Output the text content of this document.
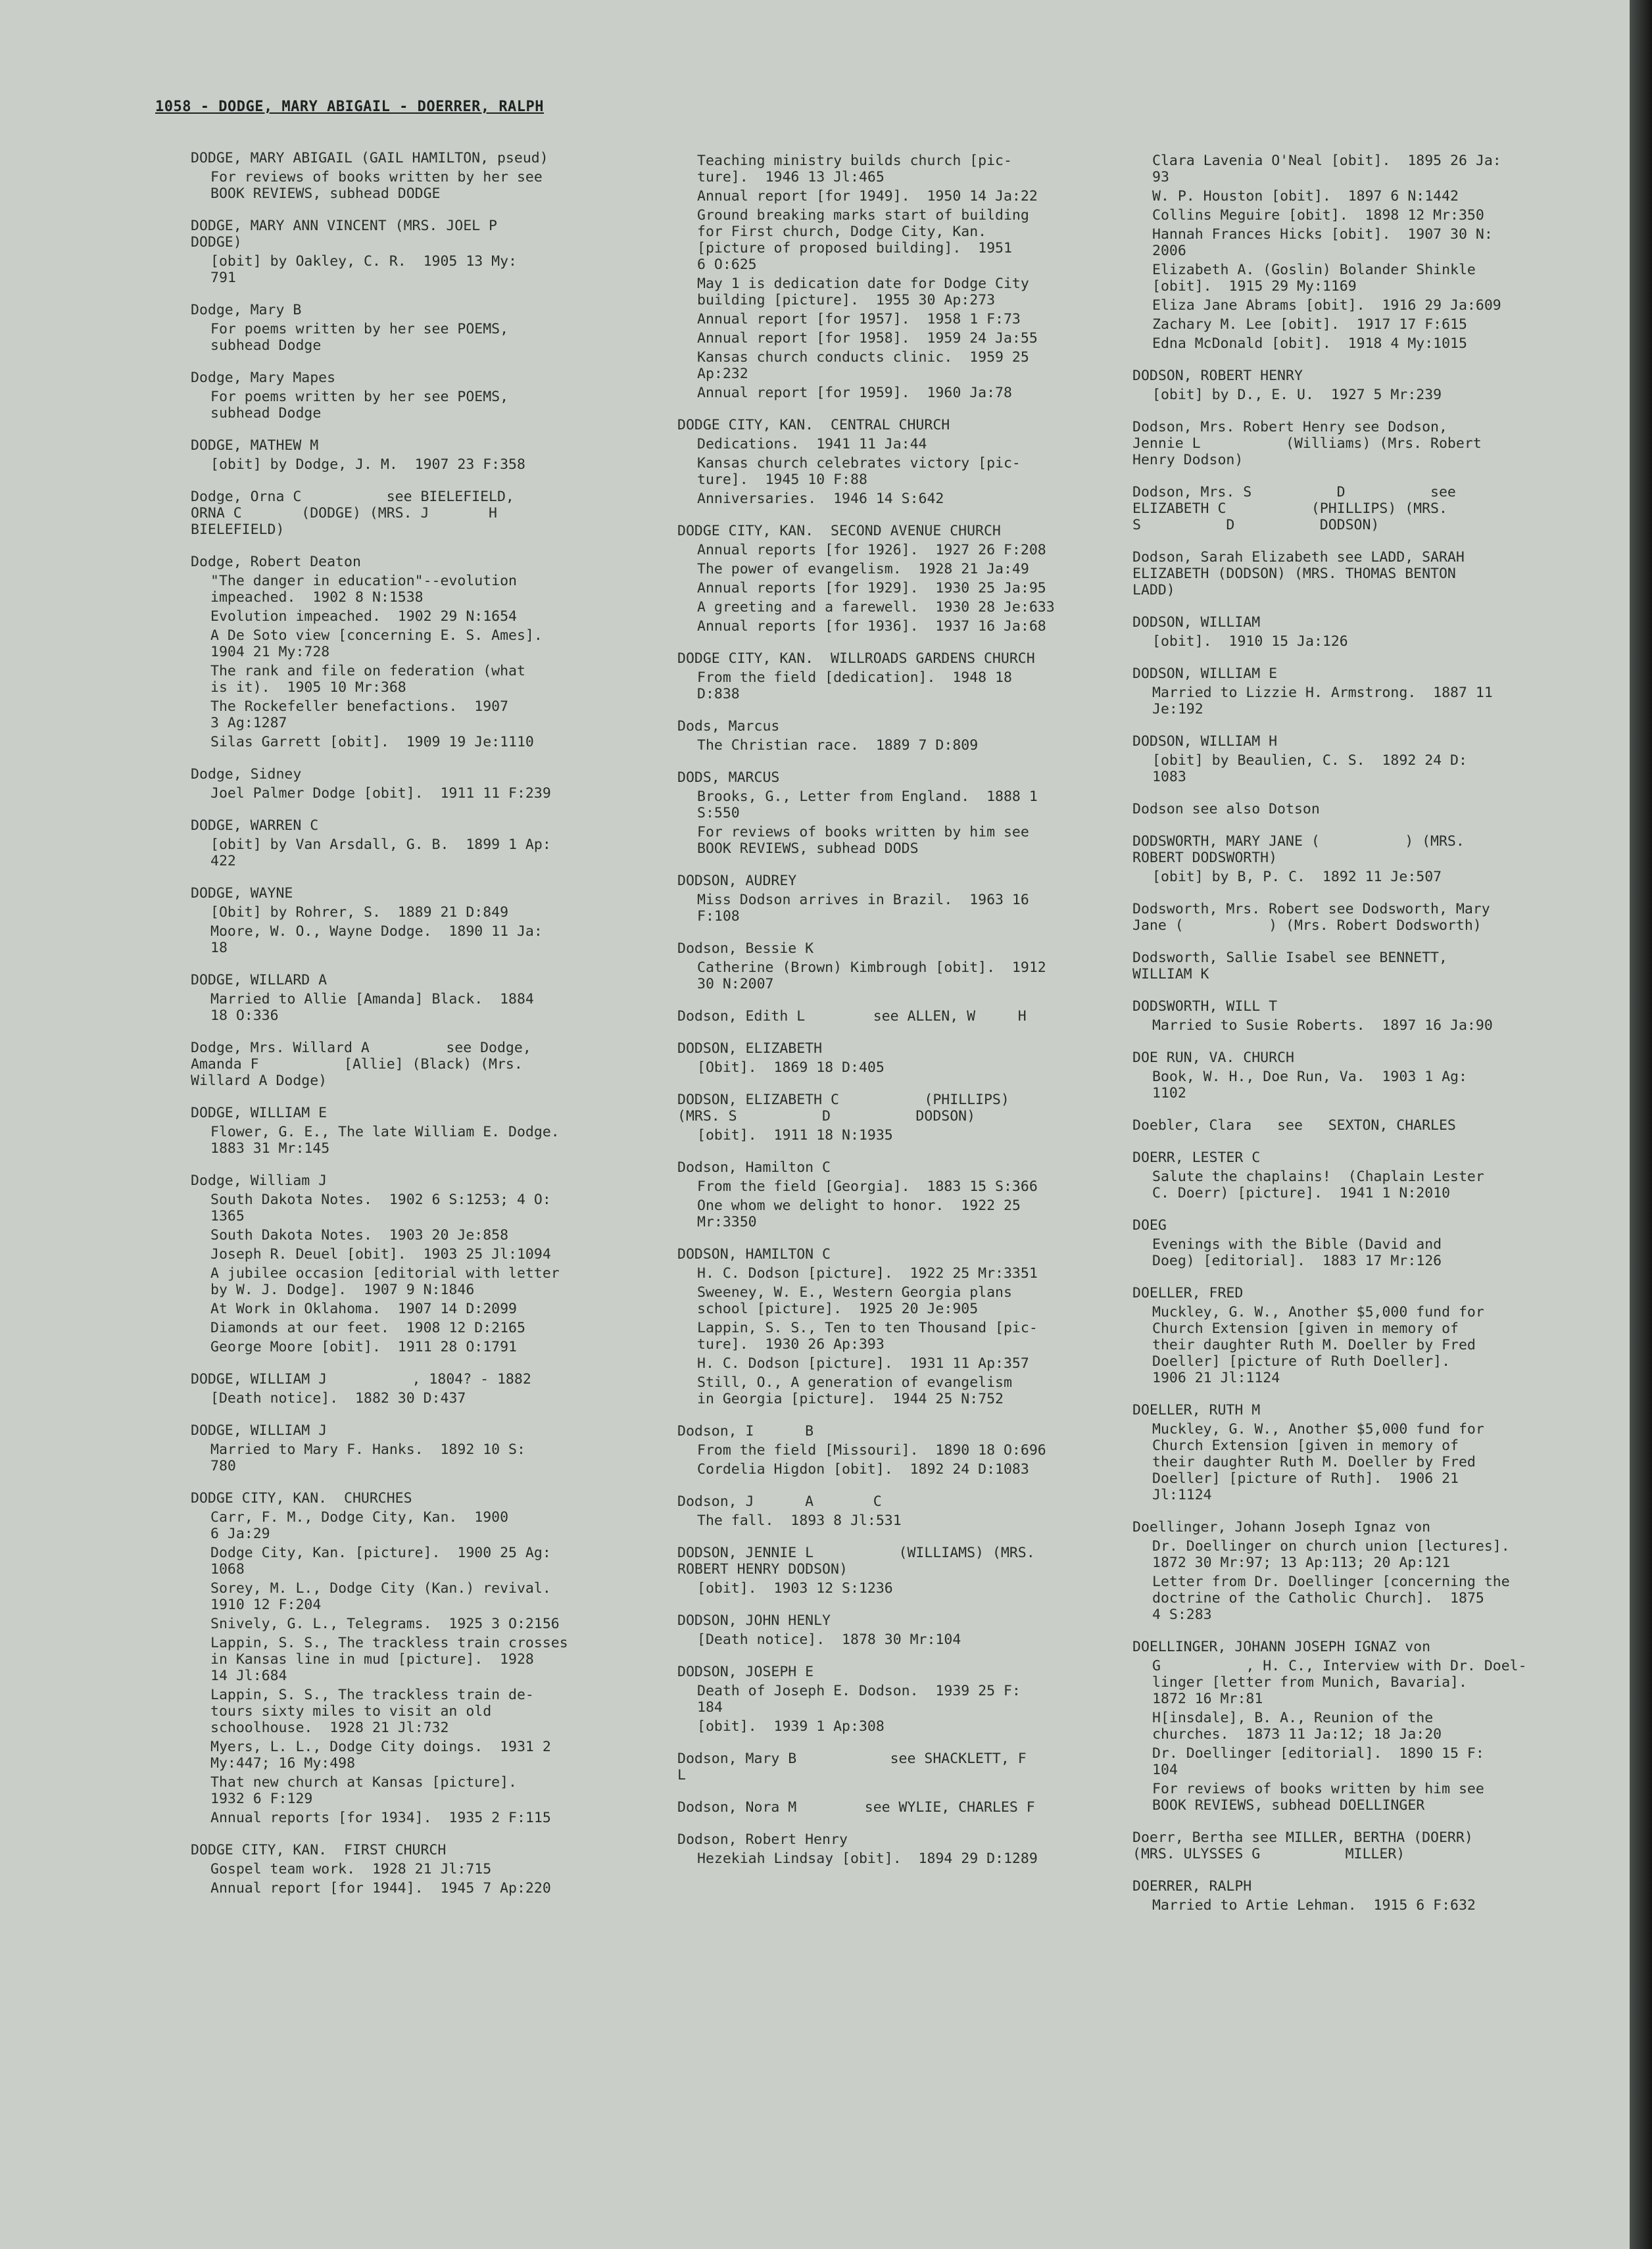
1058 - DODGE, MARY ABIGAIL - DOERRER, RALPH
DODGE, MARY ABIGAIL (GAIL HAMILTON, pseud)
For reviews of books written by her see
BOOK REVIEWS, subhead DODGE
DODGE, MARY ANN VINCENT (MRS. JOEL P
DODGE)
[obit] by Oakley, C. R.  1905 13 My:
791
Dodge, Mary B
For poems written by her see POEMS,
subhead Dodge
Dodge, Mary Mapes
For poems written by her see POEMS,
subhead Dodge
DODGE, MATHEW M
[obit] by Dodge, J. M.  1907 23 F:358
Dodge, Orna C          see BIELEFIELD,
ORNA C       (DODGE) (MRS. J       H
BIELEFIELD)
Dodge, Robert Deaton
"The danger in education"--evolution
impeached.  1902 8 N:1538
Evolution impeached.  1902 29 N:1654
A De Soto view [concerning E. S. Ames].
1904 21 My:728
The rank and file on federation (what
is it).  1905 10 Mr:368
The Rockefeller benefactions.  1907
3 Ag:1287
Silas Garrett [obit].  1909 19 Je:1110
Dodge, Sidney
Joel Palmer Dodge [obit].  1911 11 F:239
DODGE, WARREN C
[obit] by Van Arsdall, G. B.  1899 1 Ap:
422
DODGE, WAYNE
[Obit] by Rohrer, S.  1889 21 D:849
Moore, W. O., Wayne Dodge.  1890 11 Ja:
18
DODGE, WILLARD A
Married to Allie [Amanda] Black.  1884
18 O:336
Dodge, Mrs. Willard A         see Dodge,
Amanda F          [Allie] (Black) (Mrs.
Willard A Dodge)
DODGE, WILLIAM E
Flower, G. E., The late William E. Dodge.
1883 31 Mr:145
Dodge, William J
South Dakota Notes.  1902 6 S:1253; 4 O:
1365
South Dakota Notes.  1903 20 Je:858
Joseph R. Deuel [obit].  1903 25 Jl:1094
A jubilee occasion [editorial with letter
by W. J. Dodge].  1907 9 N:1846
At Work in Oklahoma.  1907 14 D:2099
Diamonds at our feet.  1908 12 D:2165
George Moore [obit].  1911 28 O:1791
DODGE, WILLIAM J          , 1804? - 1882
[Death notice].  1882 30 D:437
DODGE, WILLIAM J
Married to Mary F. Hanks.  1892 10 S:
780
DODGE CITY, KAN.  CHURCHES
Carr, F. M., Dodge City, Kan.  1900
6 Ja:29
Dodge City, Kan. [picture].  1900 25 Ag:
1068
Sorey, M. L., Dodge City (Kan.) revival.
1910 12 F:204
Snively, G. L., Telegrams.  1925 3 O:2156
Lappin, S. S., The trackless train crosses
in Kansas line in mud [picture].  1928
14 Jl:684
Lappin, S. S., The trackless train de-
tours sixty miles to visit an old
schoolhouse.  1928 21 Jl:732
Myers, L. L., Dodge City doings.  1931 2
My:447; 16 My:498
That new church at Kansas [picture].
1932 6 F:129
Annual reports [for 1934].  1935 2 F:115
DODGE CITY, KAN.  FIRST CHURCH
Gospel team work.  1928 21 Jl:715
Annual report [for 1944].  1945 7 Ap:220
Teaching ministry builds church [pic-
ture].  1946 13 Jl:465
Annual report [for 1949].  1950 14 Ja:22
Ground breaking marks start of building
for First church, Dodge City, Kan.
[picture of proposed building].  1951
6 O:625
May 1 is dedication date for Dodge City
building [picture].  1955 30 Ap:273
Annual report [for 1957].  1958 1 F:73
Annual report [for 1958].  1959 24 Ja:55
Kansas church conducts clinic.  1959 25
Ap:232
Annual report [for 1959].  1960 Ja:78
DODGE CITY, KAN.  CENTRAL CHURCH
Dedications.  1941 11 Ja:44
Kansas church celebrates victory [pic-
ture].  1945 10 F:88
Anniversaries.  1946 14 S:642
DODGE CITY, KAN.  SECOND AVENUE CHURCH
Annual reports [for 1926].  1927 26 F:208
The power of evangelism.  1928 21 Ja:49
Annual reports [for 1929].  1930 25 Ja:95
A greeting and a farewell.  1930 28 Je:633
Annual reports [for 1936].  1937 16 Ja:68
DODGE CITY, KAN.  WILLROADS GARDENS CHURCH
From the field [dedication].  1948 18
D:838
Dods, Marcus
The Christian race.  1889 7 D:809
DODS, MARCUS
Brooks, G., Letter from England.  1888 1
S:550
For reviews of books written by him see
BOOK REVIEWS, subhead DODS
DODSON, AUDREY
Miss Dodson arrives in Brazil.  1963 16
F:108
Dodson, Bessie K
Catherine (Brown) Kimbrough [obit].  1912
30 N:2007
Dodson, Edith L        see ALLEN, W     H
DODSON, ELIZABETH
[Obit].  1869 18 D:405
DODSON, ELIZABETH C          (PHILLIPS)
(MRS. S          D          DODSON)
[obit].  1911 18 N:1935
Dodson, Hamilton C
From the field [Georgia].  1883 15 S:366
One whom we delight to honor.  1922 25
Mr:3350
DODSON, HAMILTON C
H. C. Dodson [picture].  1922 25 Mr:3351
Sweeney, W. E., Western Georgia plans
school [picture].  1925 20 Je:905
Lappin, S. S., Ten to ten Thousand [pic-
ture].  1930 26 Ap:393
H. C. Dodson [picture].  1931 11 Ap:357
Still, O., A generation of evangelism
in Georgia [picture].  1944 25 N:752
Dodson, I      B
From the field [Missouri].  1890 18 O:696
Cordelia Higdon [obit].  1892 24 D:1083
Dodson, J      A       C
The fall.  1893 8 Jl:531
DODSON, JENNIE L          (WILLIAMS) (MRS.
ROBERT HENRY DODSON)
[obit].  1903 12 S:1236
DODSON, JOHN HENLY
[Death notice].  1878 30 Mr:104
DODSON, JOSEPH E
Death of Joseph E. Dodson.  1939 25 F:
184
[obit].  1939 1 Ap:308
Dodson, Mary B           see SHACKLETT, F
L
Dodson, Nora M        see WYLIE, CHARLES F
Dodson, Robert Henry
Hezekiah Lindsay [obit].  1894 29 D:1289
Clara Lavenia O'Neal [obit].  1895 26 Ja:
93
W. P. Houston [obit].  1897 6 N:1442
Collins Meguire [obit].  1898 12 Mr:350
Hannah Frances Hicks [obit].  1907 30 N:
2006
Elizabeth A. (Goslin) Bolander Shinkle
[obit].  1915 29 My:1169
Eliza Jane Abrams [obit].  1916 29 Ja:609
Zachary M. Lee [obit].  1917 17 F:615
Edna McDonald [obit].  1918 4 My:1015
DODSON, ROBERT HENRY
[obit] by D., E. U.  1927 5 Mr:239
Dodson, Mrs. Robert Henry see Dodson,
Jennie L          (Williams) (Mrs. Robert
Henry Dodson)
Dodson, Mrs. S          D          see
ELIZABETH C          (PHILLIPS) (MRS.
S          D          DODSON)
Dodson, Sarah Elizabeth see LADD, SARAH
ELIZABETH (DODSON) (MRS. THOMAS BENTON
LADD)
DODSON, WILLIAM
[obit].  1910 15 Ja:126
DODSON, WILLIAM E
Married to Lizzie H. Armstrong.  1887 11
Je:192
DODSON, WILLIAM H
[obit] by Beaulien, C. S.  1892 24 D:
1083
Dodson see also Dotson
DODSWORTH, MARY JANE (          ) (MRS.
ROBERT DODSWORTH)
[obit] by B, P. C.  1892 11 Je:507
Dodsworth, Mrs. Robert see Dodsworth, Mary
Jane (          ) (Mrs. Robert Dodsworth)
Dodsworth, Sallie Isabel see BENNETT,
WILLIAM K
DODSWORTH, WILL T
Married to Susie Roberts.  1897 16 Ja:90
DOE RUN, VA. CHURCH
Book, W. H., Doe Run, Va.  1903 1 Ag:
1102
Doebler, Clara   see   SEXTON, CHARLES
DOERR, LESTER C
Salute the chaplains!  (Chaplain Lester
C. Doerr) [picture].  1941 1 N:2010
DOEG
Evenings with the Bible (David and
Doeg) [editorial].  1883 17 Mr:126
DOELLER, FRED
Muckley, G. W., Another $5,000 fund for
Church Extension [given in memory of
their daughter Ruth M. Doeller by Fred
Doeller] [picture of Ruth Doeller].
1906 21 Jl:1124
DOELLER, RUTH M
Muckley, G. W., Another $5,000 fund for
Church Extension [given in memory of
their daughter Ruth M. Doeller by Fred
Doeller] [picture of Ruth].  1906 21
Jl:1124
Doellinger, Johann Joseph Ignaz von
Dr. Doellinger on church union [lectures].
1872 30 Mr:97; 13 Ap:113; 20 Ap:121
Letter from Dr. Doellinger [concerning the
doctrine of the Catholic Church].  1875
4 S:283
DOELLINGER, JOHANN JOSEPH IGNAZ von
G          , H. C., Interview with Dr. Doel-
linger [letter from Munich, Bavaria].
1872 16 Mr:81
H[insdale], B. A., Reunion of the
churches.  1873 11 Ja:12; 18 Ja:20
Dr. Doellinger [editorial].  1890 15 F:
104
For reviews of books written by him see
BOOK REVIEWS, subhead DOELLINGER
Doerr, Bertha see MILLER, BERTHA (DOERR)
(MRS. ULYSSES G          MILLER)
DOERRER, RALPH
Married to Artie Lehman.  1915 6 F:632
